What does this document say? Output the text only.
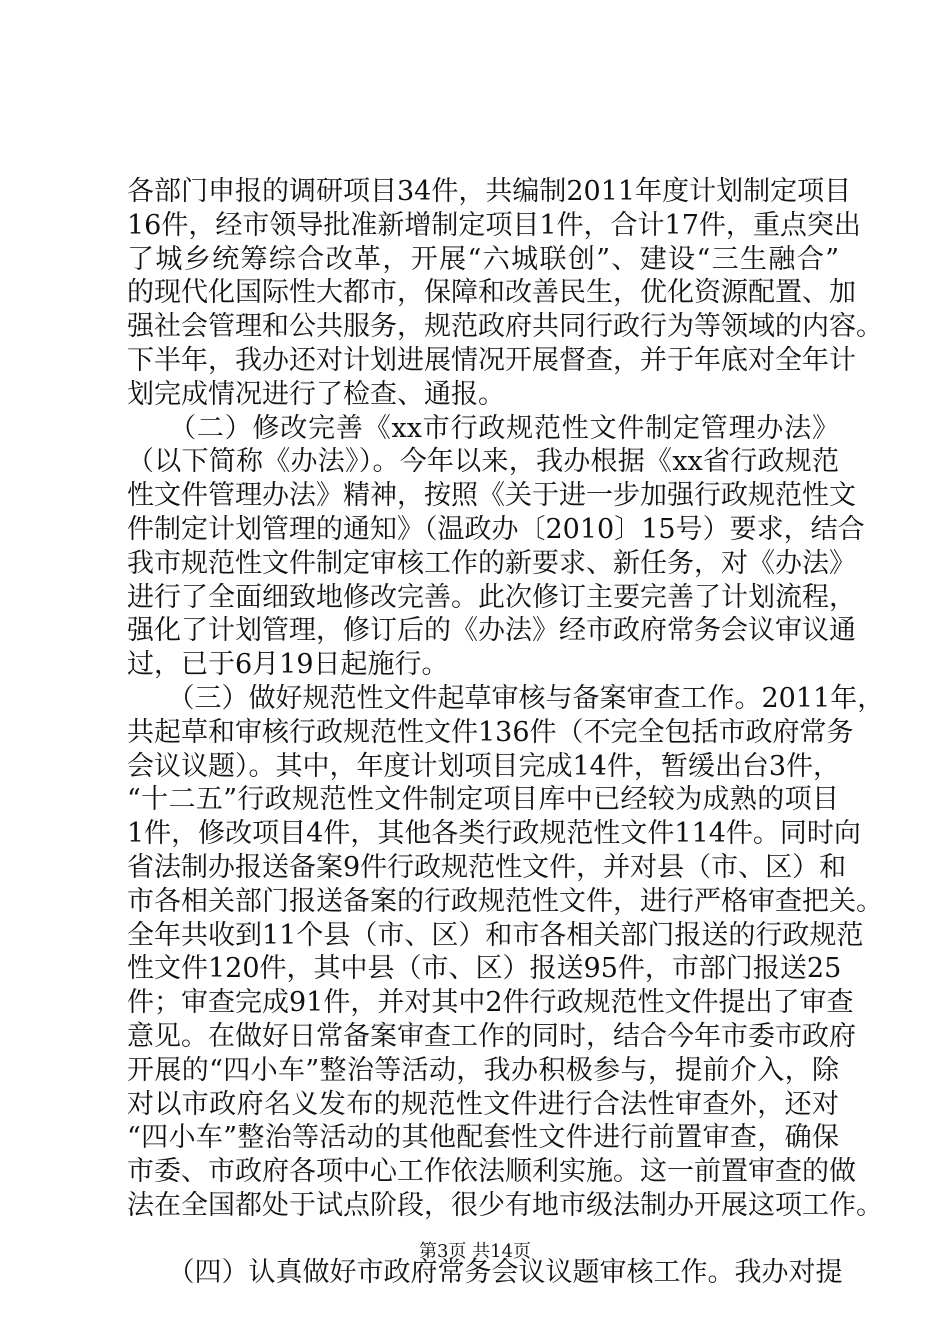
各部门申报的调研项目34件，共编制2011年度计划制定项目
16件，经市领导批准新增制定项目1件，合计17件，重点突出
了城乡统筹综合改革，开展“六城联创”、建设“三生融合”
的现代化国际性大都市，保障和改善民生，优化资源配置、加
强社会管理和公共服务，规范政府共同行政行为等领域的内容。
下半年，我办还对计划进展情况开展督查，并于年底对全年计
划完成情况进行了检查、通报。
　　（二）修改完善《xx市行政规范性文件制定管理办法》
（以下简称《办法》）。今年以来，我办根据《xx省行政规范
性文件管理办法》精神，按照《关于进一步加强行政规范性文
件制定计划管理的通知》（温政办〔2010〕15号）要求，结合
我市规范性文件制定审核工作的新要求、新任务，对《办法》
进行了全面细致地修改完善。此次修订主要完善了计划流程，
强化了计划管理，修订后的《办法》经市政府常务会议审议通
过，已于6月19日起施行。
　　（三）做好规范性文件起草审核与备案审查工作。2011年，
共起草和审核行政规范性文件136件（不完全包括市政府常务
会议议题）。其中，年度计划项目完成14件，暂缓出台3件，
“十二五”行政规范性文件制定项目库中已经较为成熟的项目
1件，修改项目4件，其他各类行政规范性文件114件。同时向
省法制办报送备案9件行政规范性文件，并对县（市、区）和
市各相关部门报送备案的行政规范性文件，进行严格审查把关。
全年共收到11个县（市、区）和市各相关部门报送的行政规范
性文件120件，其中县（市、区）报送95件，市部门报送25
件；审查完成91件，并对其中2件行政规范性文件提出了审查
意见。在做好日常备案审查工作的同时，结合今年市委市政府
开展的“四小车”整治等活动，我办积极参与，提前介入，除
对以市政府名义发布的规范性文件进行合法性审查外，还对
“四小车”整治等活动的其他配套性文件进行前置审查，确保
市委、市政府各项中心工作依法顺利实施。这一前置审查的做
法在全国都处于试点阶段，很少有地市级法制办开展这项工作。
　　（四）认真做好市政府常务会议议题审核工作。我办对提
第3页 共14页
